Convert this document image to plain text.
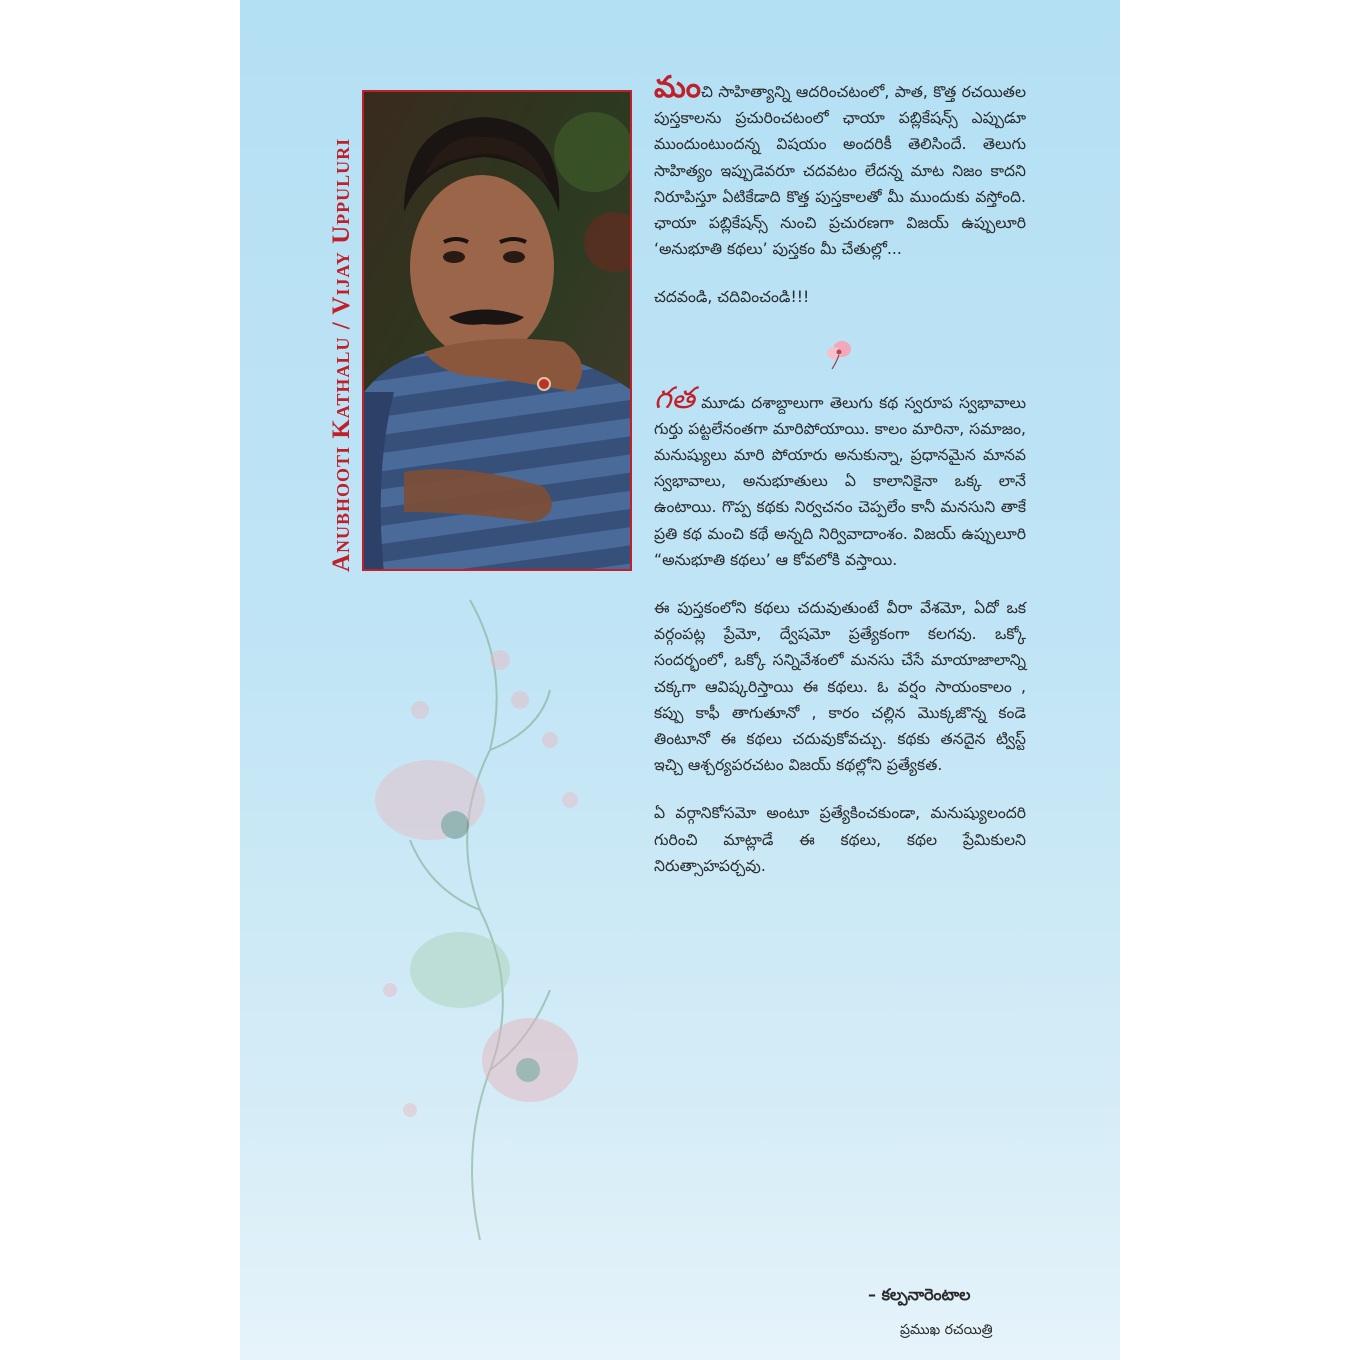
Anubhooti Kathalu / Vijay Uppuluri

మంచి సాహిత్యాన్ని ఆదరించటంలో, పాత, కొత్త రచయితల పుస్తకాలను ప్రచురించటంలో ఛాయా పబ్లికేషన్స్ ఎప్పుడూ ముందుంటుందన్న విషయం అందరికీ తెలిసిందే. తెలుగు సాహిత్యం ఇప్పుడెవరూ చదవటం లేదన్న మాట నిజం కాదని నిరూపిస్తూ ఏటికేడాది కొత్త పుస్తకాలతో మీ ముందుకు వస్తోంది. ఛాయా పబ్లికేషన్స్ నుంచి ప్రచురణగా విజయ్ ఉప్పులూరి ‘అనుభూతి కథలు’ పుస్తకం మీ చేతుల్లో...

చదవండి, చదివించండి!!!

గత మూడు దశాబ్దాలుగా తెలుగు కథ స్వరూప స్వభావాలు గుర్తు పట్టలేనంతగా మారిపోయాయి. కాలం మారినా, సమాజం, మనుష్యులు మారి పోయారు అనుకున్నా, ప్రధానమైన మానవ స్వభావాలు, అనుభూతులు ఏ కాలానికైనా ఒక్క లానే ఉంటాయి. గొప్ప కథకు నిర్వచనం చెప్పలేం కానీ మనసుని తాకే ప్రతి కథ మంచి కథే అన్నది నిర్వివాదాంశం. విజయ్ ఉప్పులూరి “అనుభూతి కథలు’ ఆ కోవలోకి వస్తాయి.

ఈ పుస్తకంలోని కథలు చదువుతుంటే వీరా వేశమో, ఏదో ఒక వర్గంపట్ల ప్రేమో, ద్వేషమో ప్రత్యేకంగా కలగవు. ఒక్కో సందర్భంలో, ఒక్కో సన్నివేశంలో మనసు చేసే మాయాజాలాన్ని చక్కగా ఆవిష్కరిస్తాయి ఈ కథలు. ఓ వర్షం సాయంకాలం , కప్పు కాఫీ తాగుతూనో , కారం చల్లిన మొక్కజొన్న కండె తింటూనో ఈ కథలు చదువుకోవచ్చు. కథకు తనదైన ట్విస్ట్ ఇచ్చి ఆశ్చర్యపరచటం విజయ్ కథల్లోని ప్రత్యేకత.

ఏ వర్గానికోసమో అంటూ ప్రత్యేకించకుండా, మనుష్యులందరి గురించి మాట్లాడే ఈ కథలు, కథల ప్రేమికులని నిరుత్సాహపర్చవు.

– కల్పనారెంటాల
ప్రముఖ రచయిత్రి
